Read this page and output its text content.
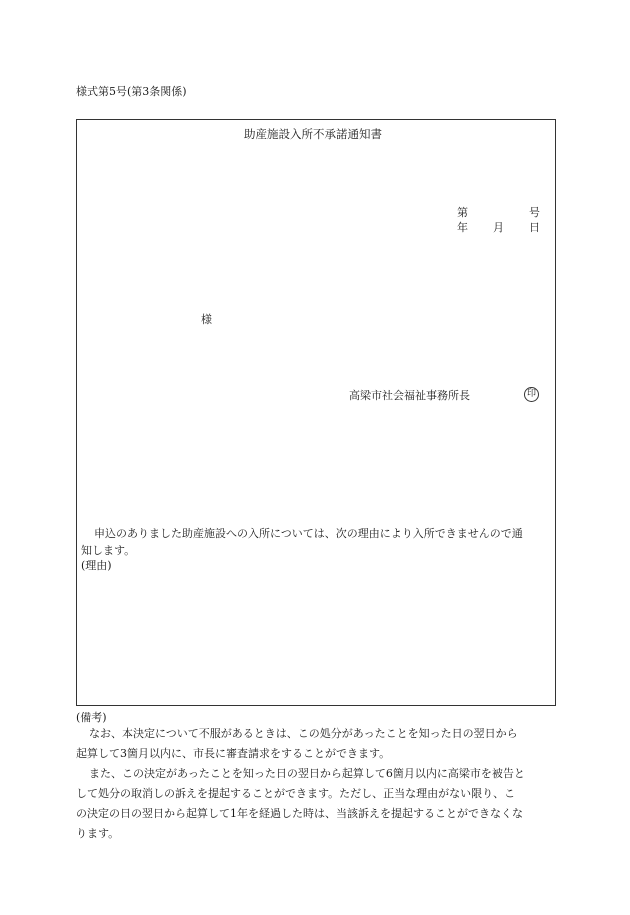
様式第5号(第3条関係)
助産施設入所不承諾通知書
第	号
年 月 日
様
高梁市社会福祉事務所長	印
申込のありました助産施設への入所については、次の理由により入所できませんので通
知します。
(理由)
(備考)
なお、本決定について不服があるときは、この処分があったことを知った日の翌日から
起算して3箇月以内に、市長に審査請求をすることができます。
また、この決定があったことを知った日の翌日から起算して6箇月以内に高梁市を被告と
して処分の取消しの訴えを提起することができます。ただし、正当な理由がない限り、こ
の決定の日の翌日から起算して1年を経過した時は、当該訴えを提起することができなくな
ります。
